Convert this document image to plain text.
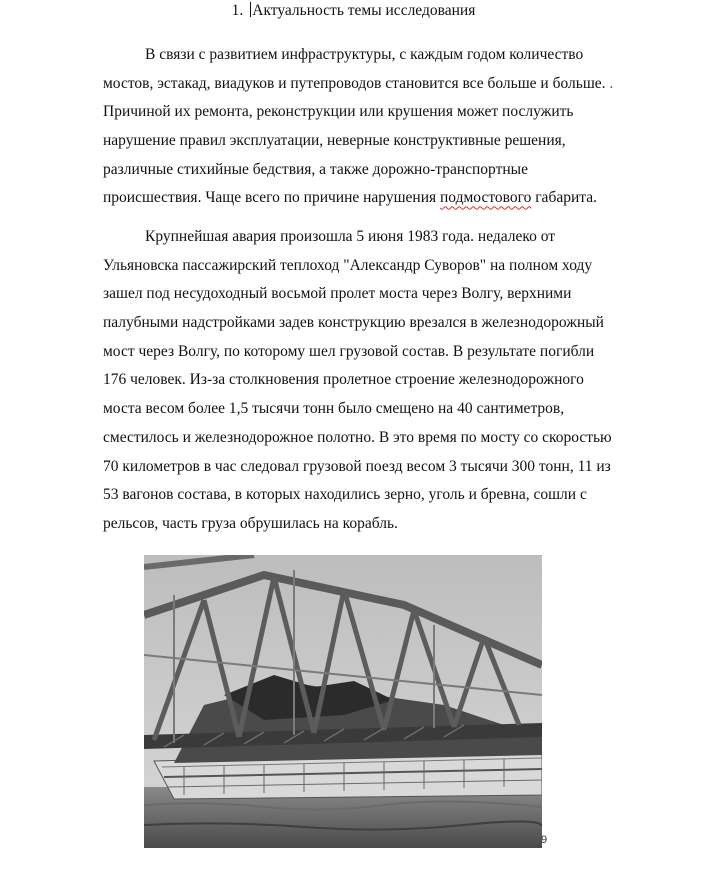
1. Актуальность темы исследования
В связи с развитием инфраструктуры, с каждым годом количество
мостов, эстакад, виадуков и путепроводов становится все больше и больше. .
Причиной их ремонта, реконструкции или крушения может послужить
нарушение правил эксплуатации, неверные конструктивные решения,
различные стихийные бедствия, а также дорожно-транспортные
происшествия. Чаще всего по причине нарушения подмостового габарита.
Крупнейшая авария произошла 5 июня 1983 года. недалеко от
Ульяновска пассажирский теплоход "Александр Суворов" на полном ходу
зашел под несудоходный восьмой пролет моста через Волгу, верхними
палубными надстройками задев конструкцию врезался в железнодорожный
мост через Волгу, по которому шел грузовой состав. В результате погибли
176 человек. Из-за столкновения пролетное строение железнодорожного
моста весом более 1,5 тысячи тонн было смещено на 40 сантиметров,
сместилось и железнодорожное полотно. В это время по мосту со скоростью
70 километров в час следовал грузовой поезд весом 3 тысячи 300 тонн, 11 из
53 вагонов состава, в которых находились зерно, уголь и бревна, сошли с
рельсов, часть груза обрушилась на корабль.
9
